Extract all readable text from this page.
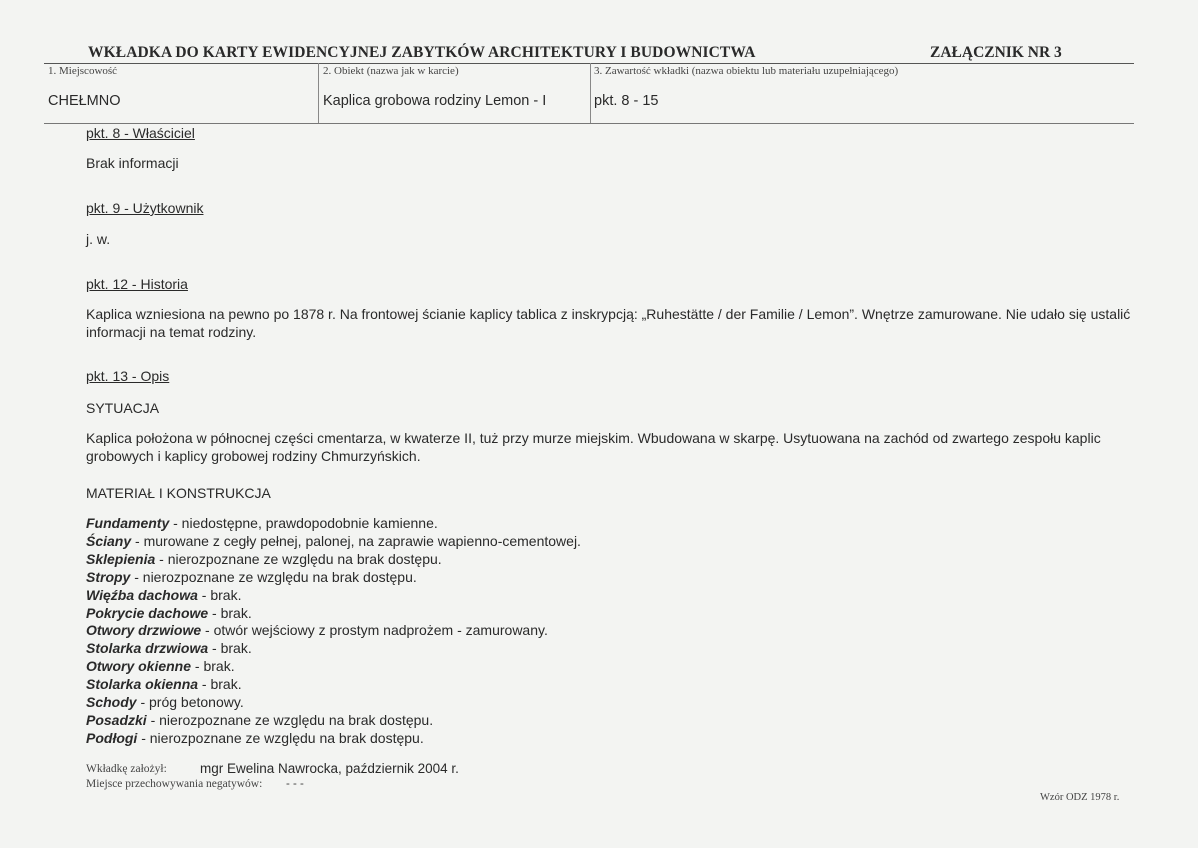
WKŁADKA DO KARTY EWIDENCYJNEJ ZABYTKÓW ARCHITEKTURY I BUDOWNICTWA	ZAŁĄCZNIK NR 3
1. Miejscowość
CHEŁMNO
2. Obiekt (nazwa jak w karcie)
Kaplica grobowa rodziny Lemon - I
3. Zawartość wkładki (nazwa obiektu lub materiału uzupełniającego)
pkt. 8 - 15
pkt. 8 - Właściciel
Brak informacji
pkt. 9 - Użytkownik
j. w.
pkt. 12 - Historia
Kaplica wzniesiona na pewno po 1878 r. Na frontowej ścianie kaplicy tablica z inskrypcją: „Ruhestätte / der Familie / Lemon”. Wnętrze zamurowane. Nie udało się ustalić informacji na temat rodziny.
pkt. 13 - Opis
SYTUACJA
Kaplica położona w północnej części cmentarza, w kwaterze II, tuż przy murze miejskim. Wbudowana w skarpę. Usytuowana na zachód od zwartego zespołu kaplic grobowych i kaplicy grobowej rodziny Chmurzyńskich.
MATERIAŁ I KONSTRUKCJA
Fundamenty - niedostępne, prawdopodobnie kamienne.
Ściany - murowane z cegły pełnej, palonej, na zaprawie wapienno-cementowej.
Sklepienia - nierozpoznane ze względu na brak dostępu.
Stropy - nierozpoznane ze względu na brak dostępu.
Więźba dachowa - brak.
Pokrycie dachowe - brak.
Otwory drzwiowe - otwór wejściowy z prostym nadprożem - zamurowany.
Stolarka drzwiowa - brak.
Otwory okienne - brak.
Stolarka okienna - brak.
Schody - próg betonowy.
Posadzki - nierozpoznane ze względu na brak dostępu.
Podłogi - nierozpoznane ze względu na brak dostępu.
Wkładkę założył: mgr Ewelina Nawrocka, październik 2004 r.
Miejsce przechowywania negatywów: - - -
Wzór ODZ 1978 r.
